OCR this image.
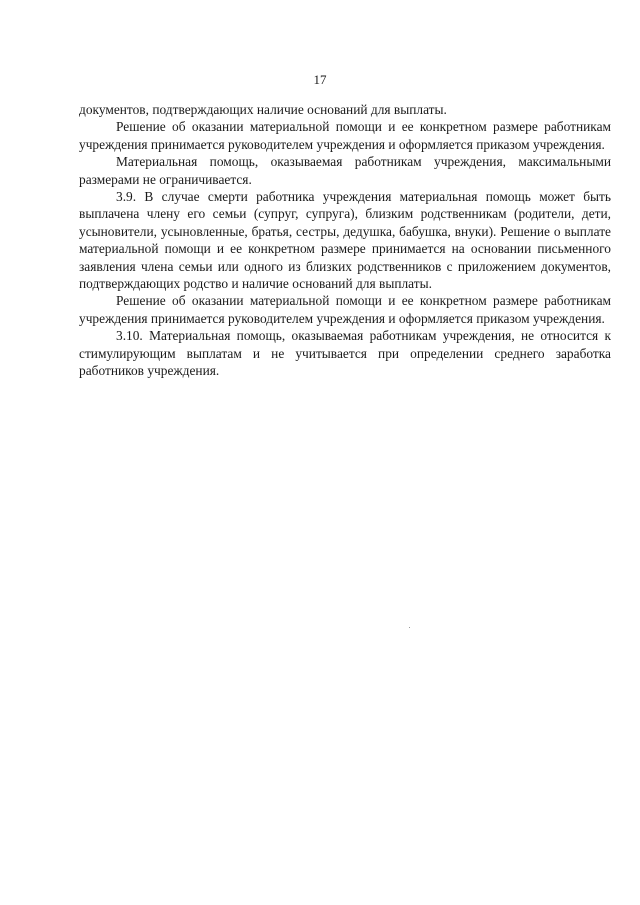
17

документов, подтверждающих наличие оснований для выплаты.

Решение об оказании материальной помощи и ее конкретном размере работникам учреждения принимается руководителем учреждения и оформляется приказом учреждения.

Материальная помощь, оказываемая работникам учреждения, максимальными размерами не ограничивается.

3.9. В случае смерти работника учреждения материальная помощь может быть выплачена члену его семьи (супруг, супруга), близким родственникам (родители, дети, усыновители, усыновленные, братья, сестры, дедушка, бабушка, внуки). Решение о выплате материальной помощи и ее конкретном размере принимается на основании письменного заявления члена семьи или одного из близких родственников с приложением документов, подтверждающих родство и наличие оснований для выплаты.

Решение об оказании материальной помощи и ее конкретном размере работникам учреждения принимается руководителем учреждения и оформляется приказом учреждения.

3.10. Материальная помощь, оказываемая работникам учреждения, не относится к стимулирующим выплатам и не учитывается при определении среднего заработка работников учреждения.
